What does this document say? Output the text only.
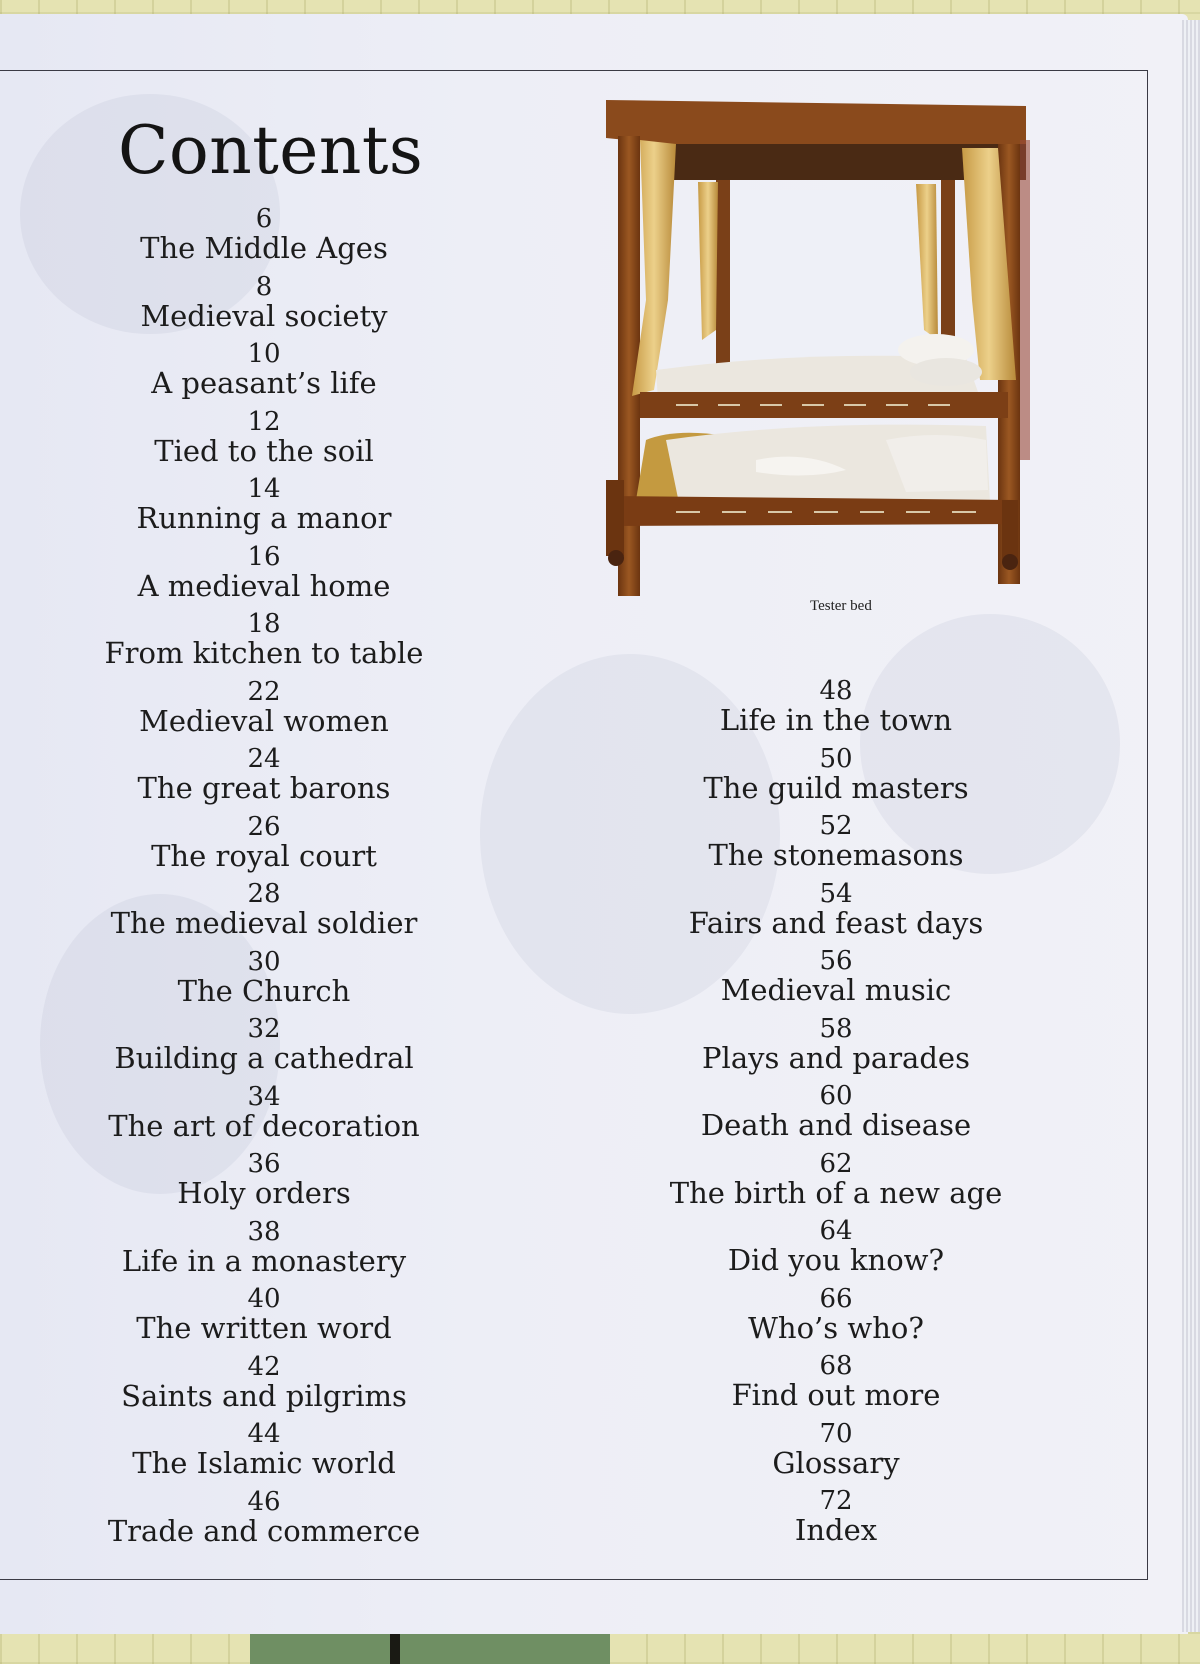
Contents
6
The Middle Ages
8
Medieval society
10
A peasant’s life
12
Tied to the soil
14
Running a manor
16
A medieval home
18
From kitchen to table
22
Medieval women
24
The great barons
26
The royal court
28
The medieval soldier
30
The Church
32
Building a cathedral
34
The art of decoration
36
Holy orders
38
Life in a monastery
40
The written word
42
Saints and pilgrims
44
The Islamic world
46
Trade and commerce
48
Life in the town
50
The guild masters
52
The stonemasons
54
Fairs and feast days
56
Medieval music
58
Plays and parades
60
Death and disease
62
The birth of a new age
64
Did you know?
66
Who’s who?
68
Find out more
70
Glossary
72
Index
Tester bed
